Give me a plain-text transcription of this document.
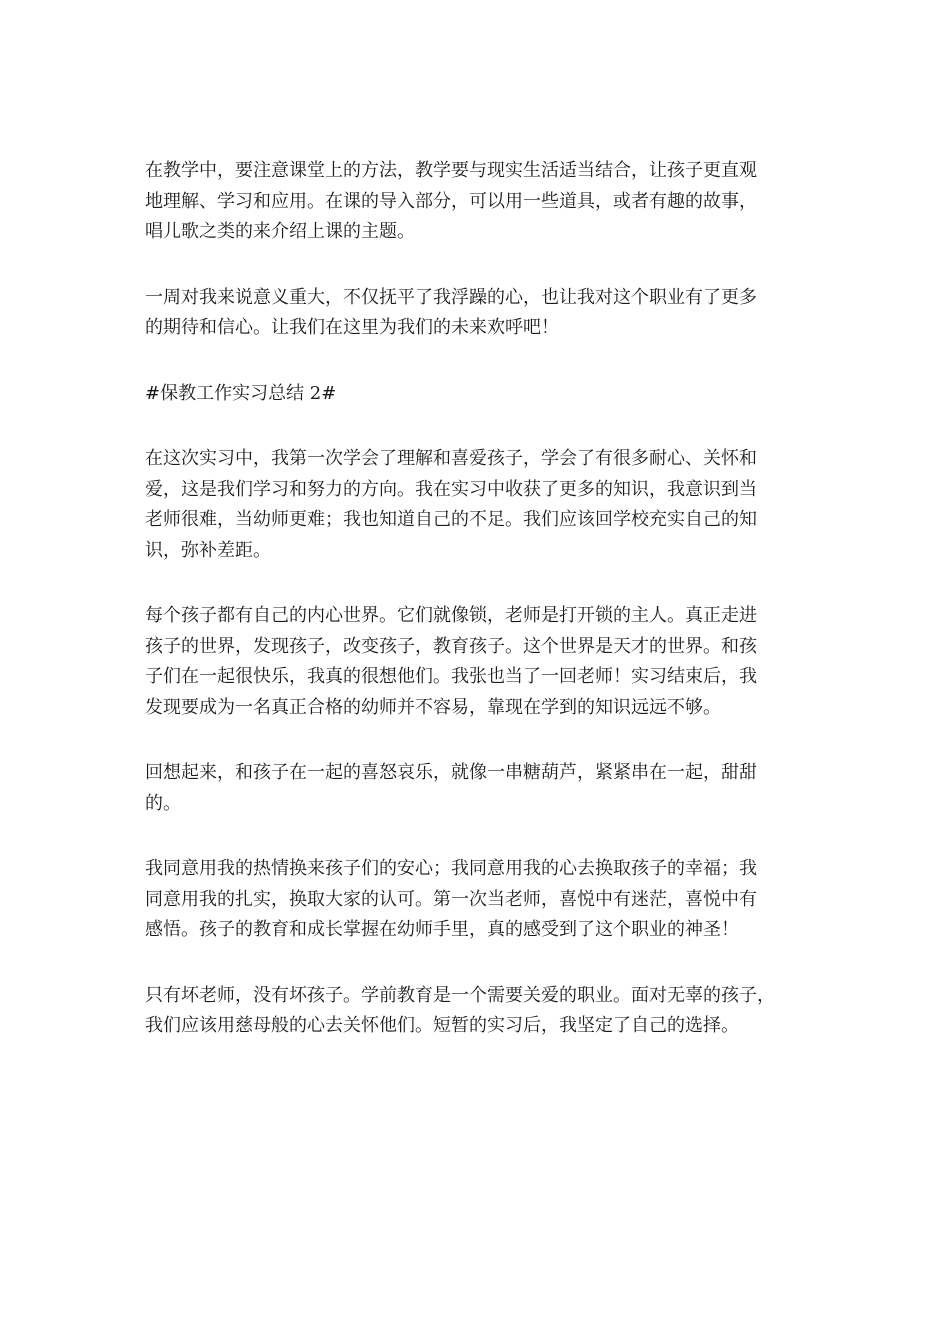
在教学中，要注意课堂上的方法，教学要与现实生活适当结合，让孩子更直观
地理解、学习和应用。在课的导入部分，可以用一些道具，或者有趣的故事，
唱儿歌之类的来介绍上课的主题。

一周对我来说意义重大，不仅抚平了我浮躁的心，也让我对这个职业有了更多
的期待和信心。让我们在这里为我们的未来欢呼吧！

#保教工作实习总结 2#

在这次实习中，我第一次学会了理解和喜爱孩子，学会了有很多耐心、关怀和
爱，这是我们学习和努力的方向。我在实习中收获了更多的知识，我意识到当
老师很难，当幼师更难；我也知道自己的不足。我们应该回学校充实自己的知
识，弥补差距。

每个孩子都有自己的内心世界。它们就像锁，老师是打开锁的主人。真正走进
孩子的世界，发现孩子，改变孩子，教育孩子。这个世界是天才的世界。和孩
子们在一起很快乐，我真的很想他们。我张也当了一回老师！实习结束后，我
发现要成为一名真正合格的幼师并不容易，靠现在学到的知识远远不够。

回想起来，和孩子在一起的喜怒哀乐，就像一串糖葫芦，紧紧串在一起，甜甜
的。

我同意用我的热情换来孩子们的安心；我同意用我的心去换取孩子的幸福；我
同意用我的扎实，换取大家的认可。第一次当老师，喜悦中有迷茫，喜悦中有
感悟。孩子的教育和成长掌握在幼师手里，真的感受到了这个职业的神圣！

只有坏老师，没有坏孩子。学前教育是一个需要关爱的职业。面对无辜的孩子，
我们应该用慈母般的心去关怀他们。短暂的实习后，我坚定了自己的选择。
